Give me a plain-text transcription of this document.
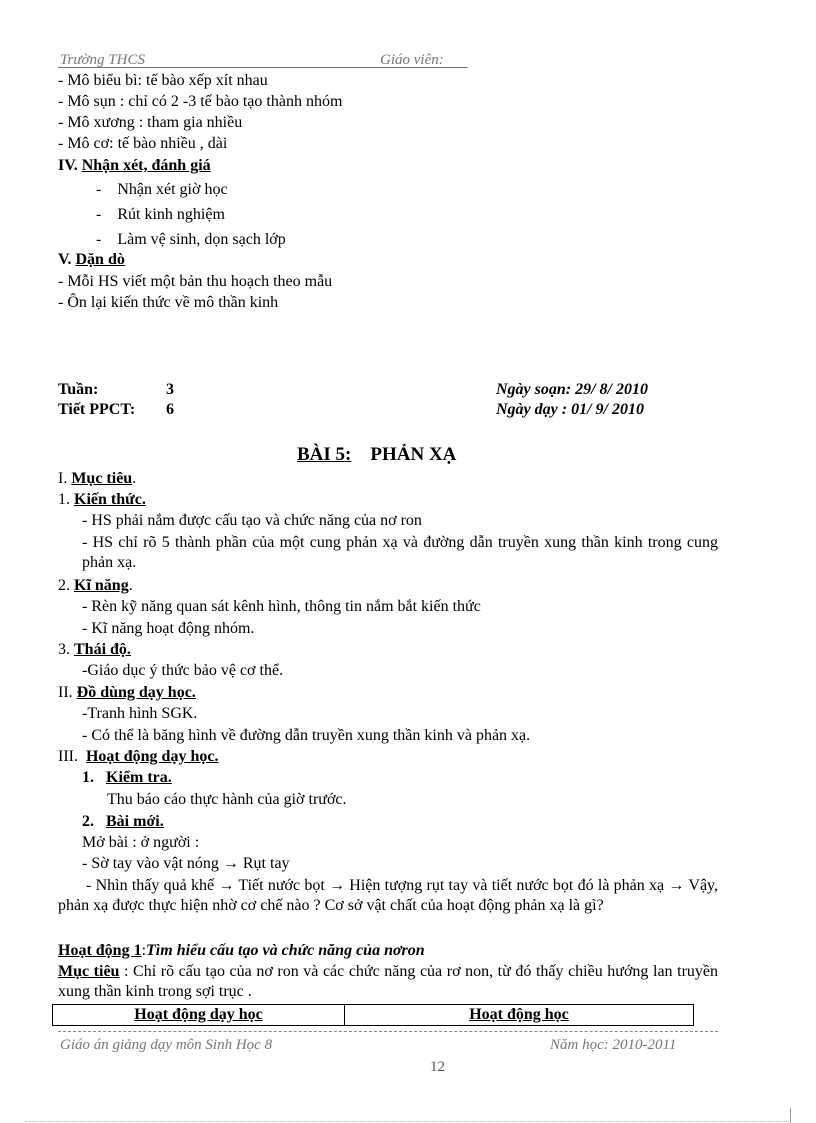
Trường THCS	Giáo viên:
- Mô biểu bì: tế bào xếp xít nhau
- Mô sụn : chỉ có 2 -3 tế bào tạo thành nhóm
- Mô xương : tham gia nhiều
- Mô cơ: tế bào nhiều , dài
IV. Nhận xét, đánh giá
-    Nhận xét giờ học
-    Rút kinh nghiệm
-    Làm vệ sinh, dọn sạch lớp
V. Dặn dò
- Mỗi HS viết một bản thu hoạch theo mẫu
- Ôn lại kiến thức về mô thần kinh
Tuần:	3
Tiết PPCT: 6
Ngày soạn: 29/ 8/ 2010
Ngày dạy : 01/ 9/ 2010
BÀI 5: PHẢN XẠ
I. Mục tiêu.
1. Kiến thức.
- HS phải nắm được cấu tạo và chức năng của nơ ron
- HS chỉ rõ 5 thành phần của một cung phản xạ và đường dẫn truyền xung thần kinh trong cung phản xạ.
2. Kĩ năng.
- Rèn kỹ năng quan sát kênh hình, thông tin nắm bắt kiến thức
- Kĩ năng hoạt động nhóm.
3. Thái độ.
-Giáo dục ý thức bảo vệ cơ thể.
II. Đồ dùng dạy học.
-Tranh hình SGK.
- Có thể là băng hình về đường dẫn truyền xung thần kinh và phản xạ.
III. Hoạt động dạy học.
1. Kiểm tra.
Thu báo cáo thực hành của giờ trước.
2. Bài mới.
Mở bài : ở người :
- Sờ tay vào vật nóng → Rụt tay
- Nhìn thấy quả khế → Tiết nước bọt → Hiện tượng rụt tay và tiết nước bọt đó là phản xạ → Vậy, phản xạ được thực hiện nhờ cơ chế nào ? Cơ sở vật chất của hoạt động phản xạ là gì?
Hoạt động 1:Tìm hiểu cấu tạo và chức năng của nơron
Mục tiêu : Chỉ rõ cấu tạo của nơ ron và các chức năng của rơ non, từ đó thấy chiều hướng lan truyền xung thần kinh trong sợi trục .
Hoạt động dạy học	Hoạt động học
Giáo án giảng dạy môn Sinh Học 8	Năm học: 2010-2011
12
